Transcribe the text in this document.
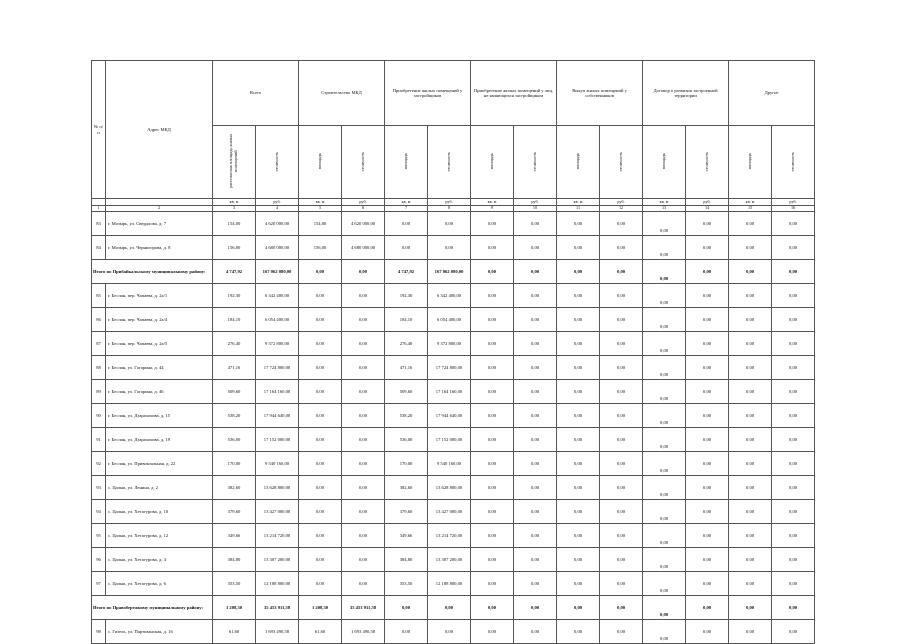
№ п/п	Адрес МКД	Всего		Строительство МКД		Приобретение жилых помещений у застройщиков		Приобретение жилых помещений у лиц, не являющихся застройщиком		Выкуп жилых помещений у собственников		Договор о развитии застроенной территории		Другое	
		расселяемая площадь жилых помещений	стоимость	площадь	стоимость	площадь	стоимость	площадь	стоимость	площадь	стоимость	площадь	стоимость	площадь	стоимость
		кв. м	руб.	кв. м	руб.	кв. м	руб.	кв. м	руб.	кв. м	руб.	кв. м	руб.	кв. м	руб.
1	2	3	4	5	6	7	8	9	10	11	12	13	14	15	16
83	г. Мозырь, ул. Свердлова, д. 7	154,00	4 620 000,00	154,00	4 620 000,00	0,00	0,00	0,00	0,00	0,00	0,00	0,00	0,00	0,00	0,00
84	г. Мозырь, ул. Чернигорова, д. 8	156,00	4 680 000,00	156,00	4 680 000,00	0,00	0,00	0,00	0,00	0,00	0,00	0,00	0,00	0,00	0,00
Итого по Прибайкальскому муниципальному району:		4 747,92	167 062 080,00	0,00	0,00	4 747,92	167 062 080,00	0,00	0,00	0,00	0,00	0,00	0,00	0,00	0,00
85	г. Беслан, пер. Чапаева, д. 2а/1	192,30	6 342 400,00	0,00	0,00	192,30	6 342 400,00	0,00	0,00	0,00	0,00	0,00	0,00	0,00	0,00
86	г. Беслан, пер. Чапаева, д. 2а/4	184,10	6 054 400,00	0,00	0,00	184,10	6 054 400,00	0,00	0,00	0,00	0,00	0,00	0,00	0,00	0,00
87	г. Беслан, пер. Чапаева, д. 2а/5	276,40	9 372 800,00	0,00	0,00	276,40	9 372 800,00	0,00	0,00	0,00	0,00	0,00	0,00	0,00	0,00
88	г. Беслан, ул. Гагарина, д. 44	471,16	17 724 800,00	0,00	0,00	471,16	17 724 800,00	0,00	0,00	0,00	0,00	0,00	0,00	0,00	0,00
89	г. Беслан, ул. Гагарина, д. 46	509,60	17 164 160,00	0,00	0,00	509,60	17 164 160,00	0,00	0,00	0,00	0,00	0,00	0,00	0,00	0,00
90	г. Беслан, ул. Дзарахохова, д. 15	538,20	17 944 640,00	0,00	0,00	538,20	17 944 640,00	0,00	0,00	0,00	0,00	0,00	0,00	0,00	0,00
91	г. Беслан, ул. Дзарахохова, д. 19	536,00	17 152 000,00	0,00	0,00	536,00	17 152 000,00	0,00	0,00	0,00	0,00	0,00	0,00	0,00	0,00
92	г. Беслан, ул. Привокзальная, д. 22	170,00	9 540 160,00	0,00	0,00	170,00	9 540 160,00	0,00	0,00	0,00	0,00	0,00	0,00	0,00	0,00
93	с. Цалык, ул. Ленина, д. 2	382,60	13 628 800,00	0,00	0,00	382,60	13 628 800,00	0,00	0,00	0,00	0,00	0,00	0,00	0,00	0,00
94	с. Цалык, ул. Хетагурова, д. 10	379,60	13 427 000,00	0,00	0,00	379,60	13 427 000,00	0,00	0,00	0,00	0,00	0,00	0,00	0,00	0,00
95	с. Цалык, ул. Хетагурова, д. 12	349,66	13 214 720,00	0,00	0,00	349,66	13 214 720,00	0,00	0,00	0,00	0,00	0,00	0,00	0,00	0,00
96	с. Цалык, ул. Хетагурова, д. 4	384,80	13 307 200,00	0,00	0,00	384,80	13 307 200,00	0,00	0,00	0,00	0,00	0,00	0,00	0,00	0,00
97	с. Цалык, ул. Хетагурова, д. 6	353,50	12 188 800,00	0,00	0,00	353,50	12 188 800,00	0,00	0,00	0,00	0,00	0,00	0,00	0,00	0,00
Итого по Правобережному муниципальному району:		1 208,30	35 453 911,58	1 208,30	35 453 911,58	0,00	0,00	0,00	0,00	0,00	0,00	0,00	0,00	0,00	0,00
98	с. Гизель, ул. Партизанская, д. 16	61,60	1 693 490,58	61,60	1 693 490,58	0,00	0,00	0,00	0,00	0,00	0,00	0,00	0,00	0,00	0,00
